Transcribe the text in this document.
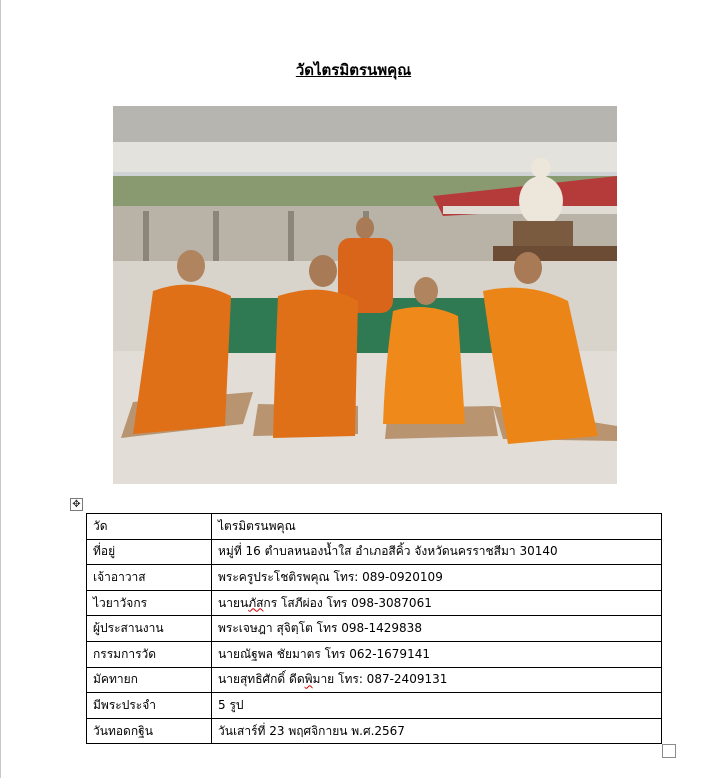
วัดไตรมิตรนพคุณ
✥
วัด	ไตรมิตรนพคุณ
ที่อยู่	หมู่ที่ 16 ตำบลหนองน้ำใส อำเภอสีคิ้ว จังหวัดนครราชสีมา 30140
เจ้าอาวาส	พระครูประโชติรพคุณ โทร: 089-0920109
ไวยาวัจกร	นายนภัสกร โสภีผ่อง โทร 098-3087061
ผู้ประสานงาน	พระเจษฎา สุจิตฺโต โทร 098-1429838
กรรมการวัด	นายณัฐพล ชัยมาตร โทร 062-1679141
มัคทายก	นายสุทธิศักดิ์ ดีดพิมาย โทร: 087-2409131
มีพระประจำ	5 รูป
วันทอดกฐิน	วันเสาร์ที่ 23 พฤศจิกายน พ.ศ.2567
